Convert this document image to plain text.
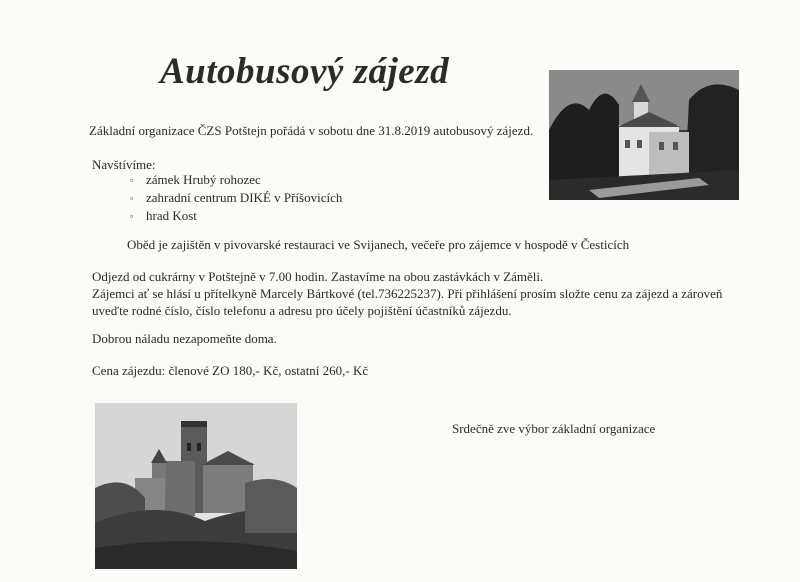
Autobusový zájezd
Základní organizace ČZS Potštejn pořádá v sobotu dne 31.8.2019 autobusový zájezd.
Navštívíme:
▫ zámek Hrubý rohozec
▫ zahradní centrum DIKÉ v Příšovicích
▫ hrad Kost
Oběd je zajištěn v pivovarské restauraci ve Svijanech, večeře pro zájemce v hospodě v Česticích
Odjezd od cukrárny v Potštejně v 7.00 hodin. Zastavíme na obou zastávkách v Záměli.
Zájemci ať se hlásí u přítelkyně Marcely Bártkové (tel.736225237). Při přihlášení prosím složte cenu za zájezd a zároveň uveďte rodné číslo, číslo telefonu a adresu pro účely pojištění účastníků zájezdu.
Dobrou náladu nezapomeňte doma.
Cena zájezdu: členové ZO 180,- Kč, ostatní 260,- Kč
Srdečně zve výbor základní organizace
